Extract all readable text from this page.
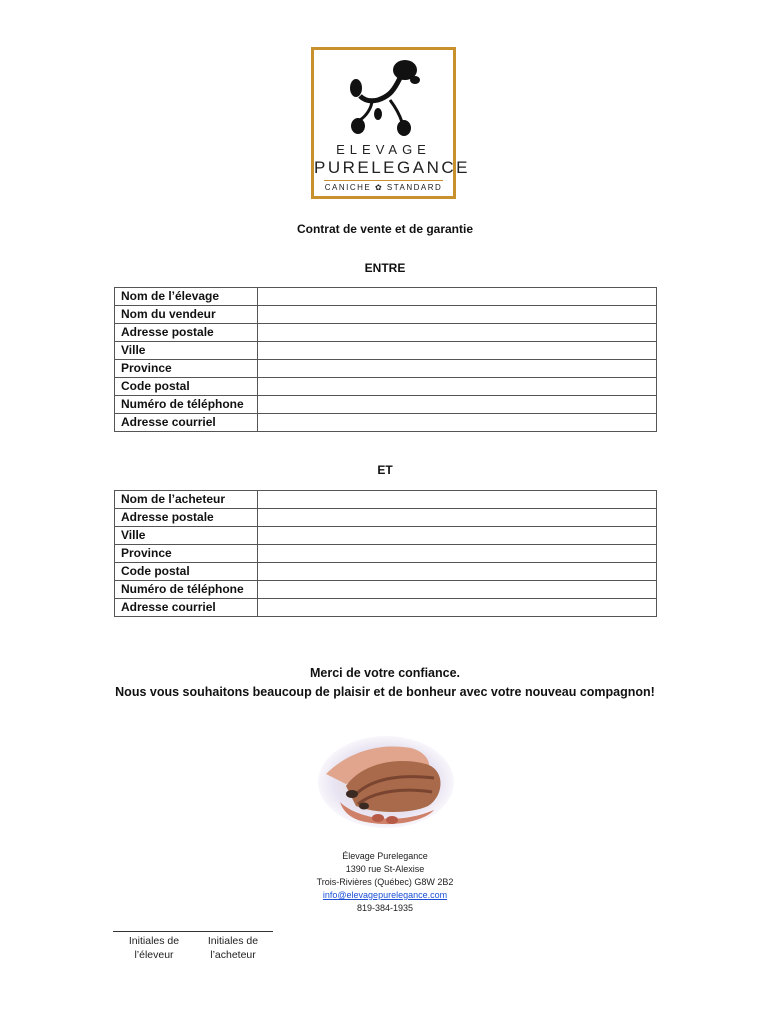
ELEVAGE
PURELEGANCE
CANICHE ✿ STANDARD
Contrat de vente et de garantie
ENTRE
Nom de l’élevage	
Nom du vendeur	
Adresse postale	
Ville	
Province	
Code postal	
Numéro de téléphone	
Adresse courriel	
ET
Nom de l’acheteur	
Adresse postale	
Ville	
Province	
Code postal	
Numéro de téléphone	
Adresse courriel	
Merci de votre confiance.
Nous vous souhaitons beaucoup de plaisir et de bonheur avec votre nouveau compagnon!
Élevage Purelegance
1390 rue St-Alexise
Trois-Rivières (Québec) G8W 2B2
info@elevagepurelegance.com
819-384-1935
Initiales de
l’éleveur
Initiales de
l’acheteur
